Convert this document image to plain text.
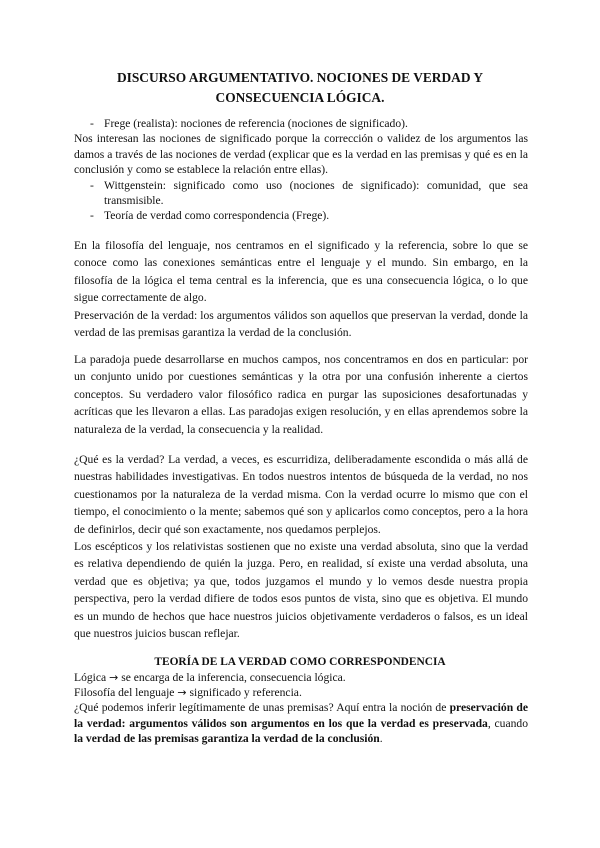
DISCURSO ARGUMENTATIVO. NOCIONES DE VERDAD Y
CONSECUENCIA LÓGICA.
- Frege (realista): nociones de referencia (nociones de significado).
Nos interesan las nociones de significado porque la corrección o validez de los argumentos las damos a través de las nociones de verdad (explicar que es la verdad en las premisas y qué es en la conclusión y como se establece la relación entre ellas).
- Wittgenstein: significado como uso (nociones de significado): comunidad, que sea transmisible.
- Teoría de verdad como correspondencia (Frege).

En la filosofía del lenguaje, nos centramos en el significado y la referencia, sobre lo que se conoce como las conexiones semánticas entre el lenguaje y el mundo. Sin embargo, en la filosofía de la lógica el tema central es la inferencia, que es una consecuencia lógica, o lo que sigue correctamente de algo.

Preservación de la verdad: los argumentos válidos son aquellos que preservan la verdad, donde la verdad de las premisas garantiza la verdad de la conclusión.

La paradoja puede desarrollarse en muchos campos, nos concentramos en dos en particular: por un conjunto unido por cuestiones semánticas y la otra por una confusión inherente a ciertos conceptos. Su verdadero valor filosófico radica en purgar las suposiciones desafortunadas y acríticas que les llevaron a ellas. Las paradojas exigen resolución, y en ellas aprendemos sobre la naturaleza de la verdad, la consecuencia y la realidad.

¿Qué es la verdad? La verdad, a veces, es escurridiza, deliberadamente escondida o más allá de nuestras habilidades investigativas. En todos nuestros intentos de búsqueda de la verdad, no nos cuestionamos por la naturaleza de la verdad misma. Con la verdad ocurre lo mismo que con el tiempo, el conocimiento o la mente; sabemos qué son y aplicarlos como conceptos, pero a la hora de definirlos, decir qué son exactamente, nos quedamos perplejos.

Los escépticos y los relativistas sostienen que no existe una verdad absoluta, sino que la verdad es relativa dependiendo de quién la juzga. Pero, en realidad, sí existe una verdad absoluta, una verdad que es objetiva; ya que, todos juzgamos el mundo y lo vemos desde nuestra propia perspectiva, pero la verdad difiere de todos esos puntos de vista, sino que es objetiva. El mundo es un mundo de hechos que hace nuestros juicios objetivamente verdaderos o falsos, es un ideal que nuestros juicios buscan reflejar.

TEORÍA DE LA VERDAD COMO CORRESPONDENCIA
Lógica → se encarga de la inferencia, consecuencia lógica.
Filosofía del lenguaje → significado y referencia.
¿Qué podemos inferir legítimamente de unas premisas? Aquí entra la noción de preservación de la verdad: argumentos válidos son argumentos en los que la verdad es preservada, cuando la verdad de las premisas garantiza la verdad de la conclusión.
